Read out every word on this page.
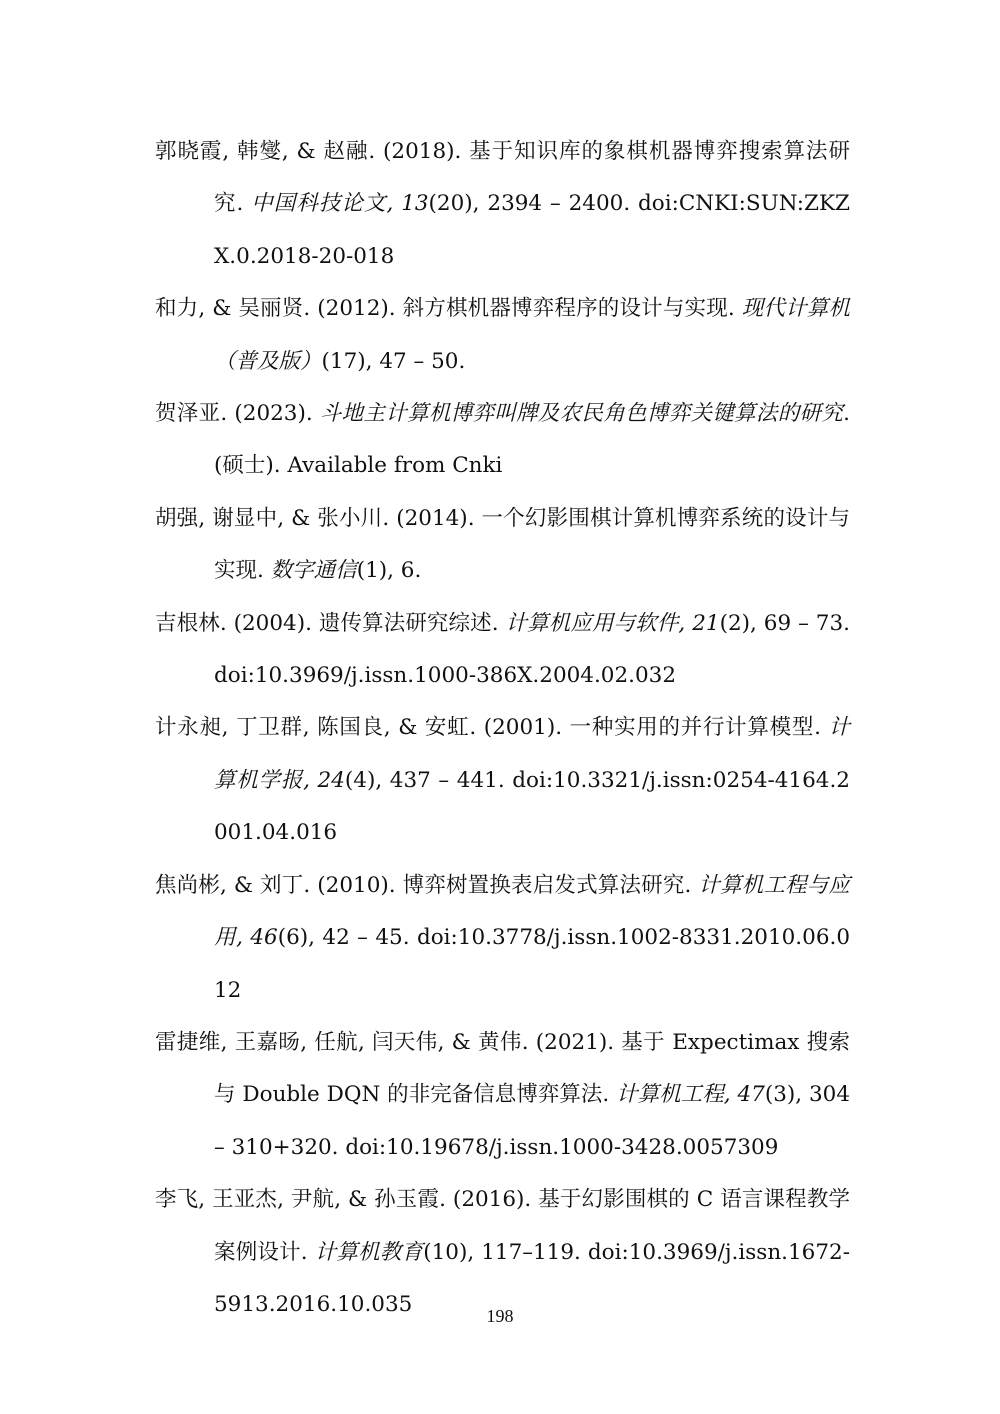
郭晓霞, 韩燮, & 赵融. (2018). 基于知识库的象棋机器博弈搜索算法研究. 中国科技论文, 13(20), 2394 – 2400. doi:CNKI:SUN:ZKZX.0.2018-20-018

和力, & 吴丽贤. (2012). 斜方棋机器博弈程序的设计与实现. 现代计算机（普及版）(17), 47 – 50.

贺泽亚. (2023). 斗地主计算机博弈叫牌及农民角色博弈关键算法的研究. (硕士). Available from Cnki

胡强, 谢显中, & 张小川. (2014). 一个幻影围棋计算机博弈系统的设计与实现. 数字通信(1), 6.

吉根林. (2004). 遗传算法研究综述. 计算机应用与软件, 21(2), 69 – 73. doi:10.3969/j.issn.1000-386X.2004.02.032

计永昶, 丁卫群, 陈国良, & 安虹. (2001). 一种实用的并行计算模型. 计算机学报, 24(4), 437 – 441. doi:10.3321/j.issn:0254-4164.2001.04.016

焦尚彬, & 刘丁. (2010). 博弈树置换表启发式算法研究. 计算机工程与应用, 46(6), 42 – 45. doi:10.3778/j.issn.1002-8331.2010.06.012

雷捷维, 王嘉旸, 任航, 闫天伟, & 黄伟. (2021). 基于 Expectimax 搜索与 Double DQN 的非完备信息博弈算法. 计算机工程, 47(3), 304 – 310+320. doi:10.19678/j.issn.1000-3428.0057309

李飞, 王亚杰, 尹航, & 孙玉霞. (2016). 基于幻影围棋的 C 语言课程教学案例设计. 计算机教育(10), 117–119. doi:10.3969/j.issn.1672-5913.2016.10.035	198
